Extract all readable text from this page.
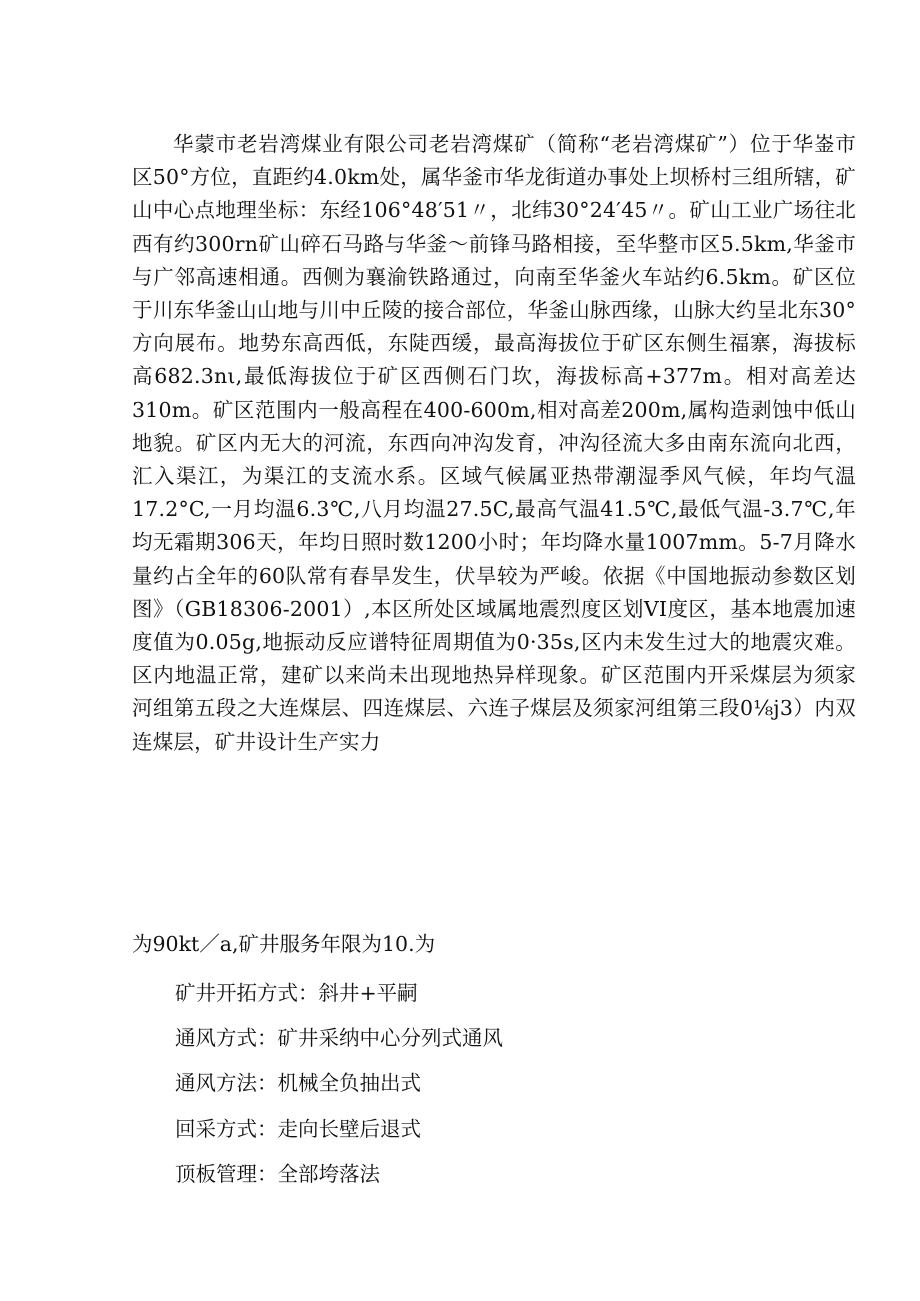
华蒙市老岩湾煤业有限公司老岩湾煤矿（简称“老岩湾煤矿”）位于华崟市区50°方位，直距约4.0km处，属华釜市华龙街道办事处上坝桥村三组所辖，矿山中心点地理坐标：东经106°48′51〃，北纬30°24′45〃。矿山工业广场往北西有约300rn矿山碎石马路与华釜～前锋马路相接，至华整市区5.5km,华釜市与广邻高速相通。西侧为襄渝铁路通过，向南至华釜火车站约6.5km。矿区位于川东华釜山山地与川中丘陵的接合部位，华釜山脉西缘，山脉大约呈北东30°方向展布。地势东高西低，东陡西缓，最高海拔位于矿区东侧生福寨，海拔标高682.3nι,最低海拔位于矿区西侧石门坎，海拔标高+377m。相对高差达310m。矿区范围内一般高程在400-600m,相对高差200m,属构造剥蚀中低山地貌。矿区内无大的河流，东西向冲沟发育，冲沟径流大多由南东流向北西，汇入渠江，为渠江的支流水系。区域气候属亚热带潮湿季风气候，年均气温17.2°C,一月均温6.3℃,八月均温27.5C,最高气温41.5℃,最低气温-3.7℃,年均无霜期306天，年均日照时数1200小时；年均降水量1007mm。5-7月降水量约占全年的60队常有春旱发生，伏旱较为严峻。依据《中国地振动参数区划图》（GB18306-2001）,本区所处区域属地震烈度区划VI度区，基本地震加速度值为0.05g,地振动反应谱特征周期值为0·35s,区内未发生过大的地震灾难。区内地温正常，建矿以来尚未出现地热异样现象。矿区范围内开采煤层为须家河组第五段之大连煤层、四连煤层、六连子煤层及须家河组第三段0⅛j3）内双连煤层，矿井设计生产实力

为90kt／a,矿井服务年限为10.为

矿井开拓方式：斜井+平嗣

通风方式：矿井采纳中心分列式通风

通风方法：机械全负抽出式

回采方式：走向长壁后退式

顶板管理：全部垮落法
